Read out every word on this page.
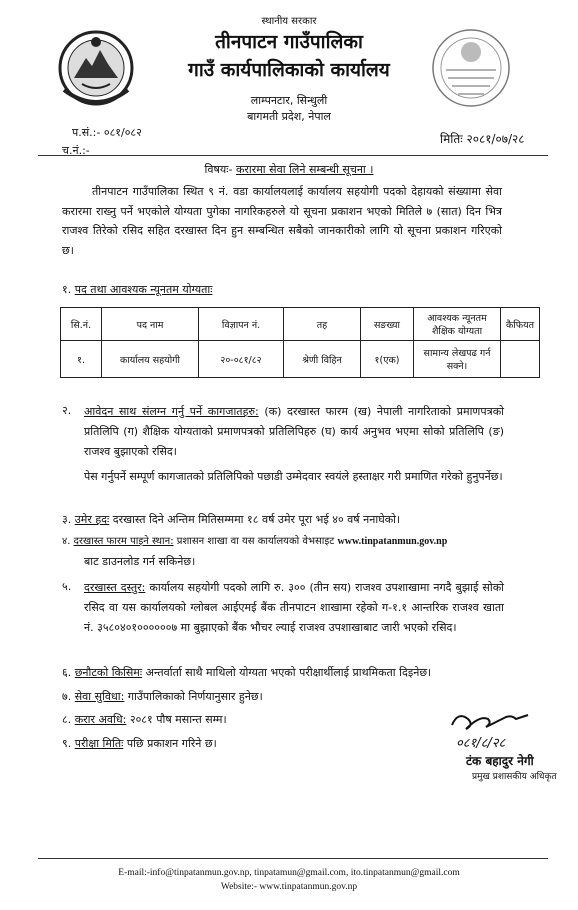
स्थानीय सरकार
तीनपाटन गाउँपालिका
गाउँ कार्यपालिकाको कार्यालय
लाम्पनटार, सिन्धुली
बागमती प्रदेश, नेपाल
प.सं.:- ०८१/०८२
च.नं.:-
मितिः २०८१/०७/२८
विषयः- करारमा सेवा लिने सम्बन्धी सूचना ।
तीनपाटन गाउँपालिका स्थित ९ नं. वडा कार्यालयलाई कार्यालय सहयोगी पदको देहायको संख्यामा सेवा करारमा राख्नु पर्ने भएकोले योग्यता पुगेका नागरिकहरुले यो सूचना प्रकाशन भएको मितिले ७ (सात) दिन भित्र राजश्व तिरेको रसिद सहित दरखास्त दिन हुन सम्बन्धित सबैको जानकारीको लागि यो सूचना प्रकाशन गरिएको छ।
१. पद तथा आवश्यक न्यूनतम योग्यताः
सि.नं.	पद नाम	विज्ञापन नं.	तह	सङख्या	आवश्यक न्यूनतम शैक्षिक योग्यता	कैफियत
१.	कार्यालय सहयोगी	२०-०८१/८२	श्रेणी विहिन	१(एक)	सामान्य लेखपढ गर्न सक्ने।	
२.	आवेदन साथ संलग्न गर्नु पर्ने कागजातहरु: (क) दरखास्त फारम (ख) नेपाली नागरिताको प्रमाणपत्रको प्रतिलिपि (ग) शैक्षिक योग्यताको प्रमाणपत्रको प्रतिलिपिहरु (घ) कार्य अनुभव भएमा सोको प्रतिलिपि (ङ) राजश्व बुझाएको रसिद।
पेस गर्नुपर्ने सम्पूर्ण कागजातको प्रतिलिपिको पछाडी उम्मेदवार स्वयंले हस्ताक्षर गरी प्रमाणित गरेको हुनुपर्नेछ।
३. उमेर हदः दरखास्त दिने अन्तिम मितिसम्ममा १८ वर्ष उमेर पूरा भई ४० वर्ष ननाघेको।
४. दरखास्त फारम पाइने स्थान: प्रशासन शाखा वा यस कार्यालयको वेभसाइट www.tinpatanmun.gov.np
बाट डाउनलोड गर्न सकिनेछ।
५.	दरखास्त दस्तुर: कार्यालय सहयोगी पदको लागि रु. ३०० (तीन सय) राजश्व उपशाखामा नगदै बुझाई सोको रसिद वा यस कार्यालयको ग्लोबल आईएमई बैंक तीनपाटन शाखामा रहेको ग-१.१ आन्तरिक राजश्व खाता नं. ३५८०४०१००००००७ मा बुझाएको बैंक भौचर ल्याई राजश्व उपशाखाबाट जारी भएको रसिद।
६. छनौटको किसिमः अन्तर्वार्ता साथै माथिलो योग्यता भएको परीक्षार्थीलाई प्राथमिकता दिइनेछ।
७. सेवा सुविधा: गाउँपालिकाको निर्णयानुसार हुनेछ।
८. करार अवधि: २०८१ पौष मसान्त सम्म।
९. परीक्षा मितिः पछि प्रकाशन गरिने छ।	०८१/८/२८
टंक बहादुर नेगी
प्रमुख प्रशासकीय अधिकृत
E-mail:-info@tinpatanmun.gov.np, tinpatamun@gmail.com, ito.tinpatanmun@gmail.com
Website:- www.tinpatanmun.gov.np
